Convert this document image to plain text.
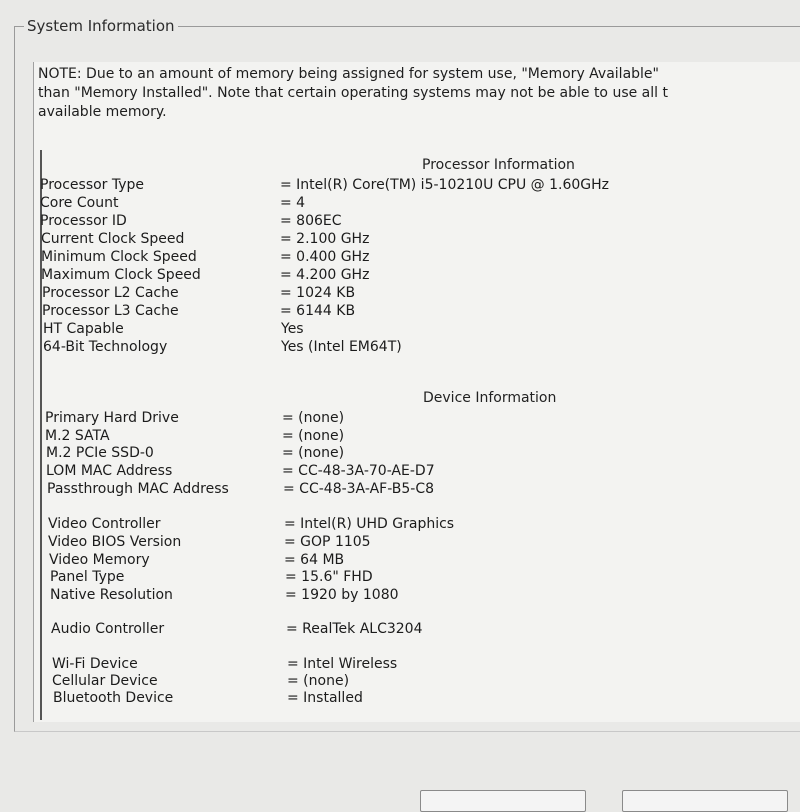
System Information
NOTE: Due to an amount of memory being assigned for system use, "Memory Available"
than "Memory Installed". Note that certain operating systems may not be able to use all t
available memory.
Processor Information
Processor Type	= Intel(R) Core(TM) i5-10210U CPU @ 1.60GHz
Core Count	= 4
Processor ID	= 806EC
Current Clock Speed	= 2.100 GHz
Minimum Clock Speed	= 0.400 GHz
Maximum Clock Speed	= 4.200 GHz
Processor L2 Cache	= 1024 KB
Processor L3 Cache	= 6144 KB
HT Capable	Yes
64-Bit Technology	Yes (Intel EM64T)
Device Information
Primary Hard Drive	= (none)
M.2 SATA	= (none)
M.2 PCIe SSD-0	= (none)
LOM MAC Address	= CC-48-3A-70-AE-D7
Passthrough MAC Address	= CC-48-3A-AF-B5-C8
Video Controller	= Intel(R) UHD Graphics
Video BIOS Version	= GOP 1105
Video Memory	= 64 MB
Panel Type	= 15.6" FHD
Native Resolution	= 1920 by 1080
Audio Controller	= RealTek ALC3204
Wi-Fi Device	= Intel Wireless
Cellular Device	= (none)
Bluetooth Device	= Installed
